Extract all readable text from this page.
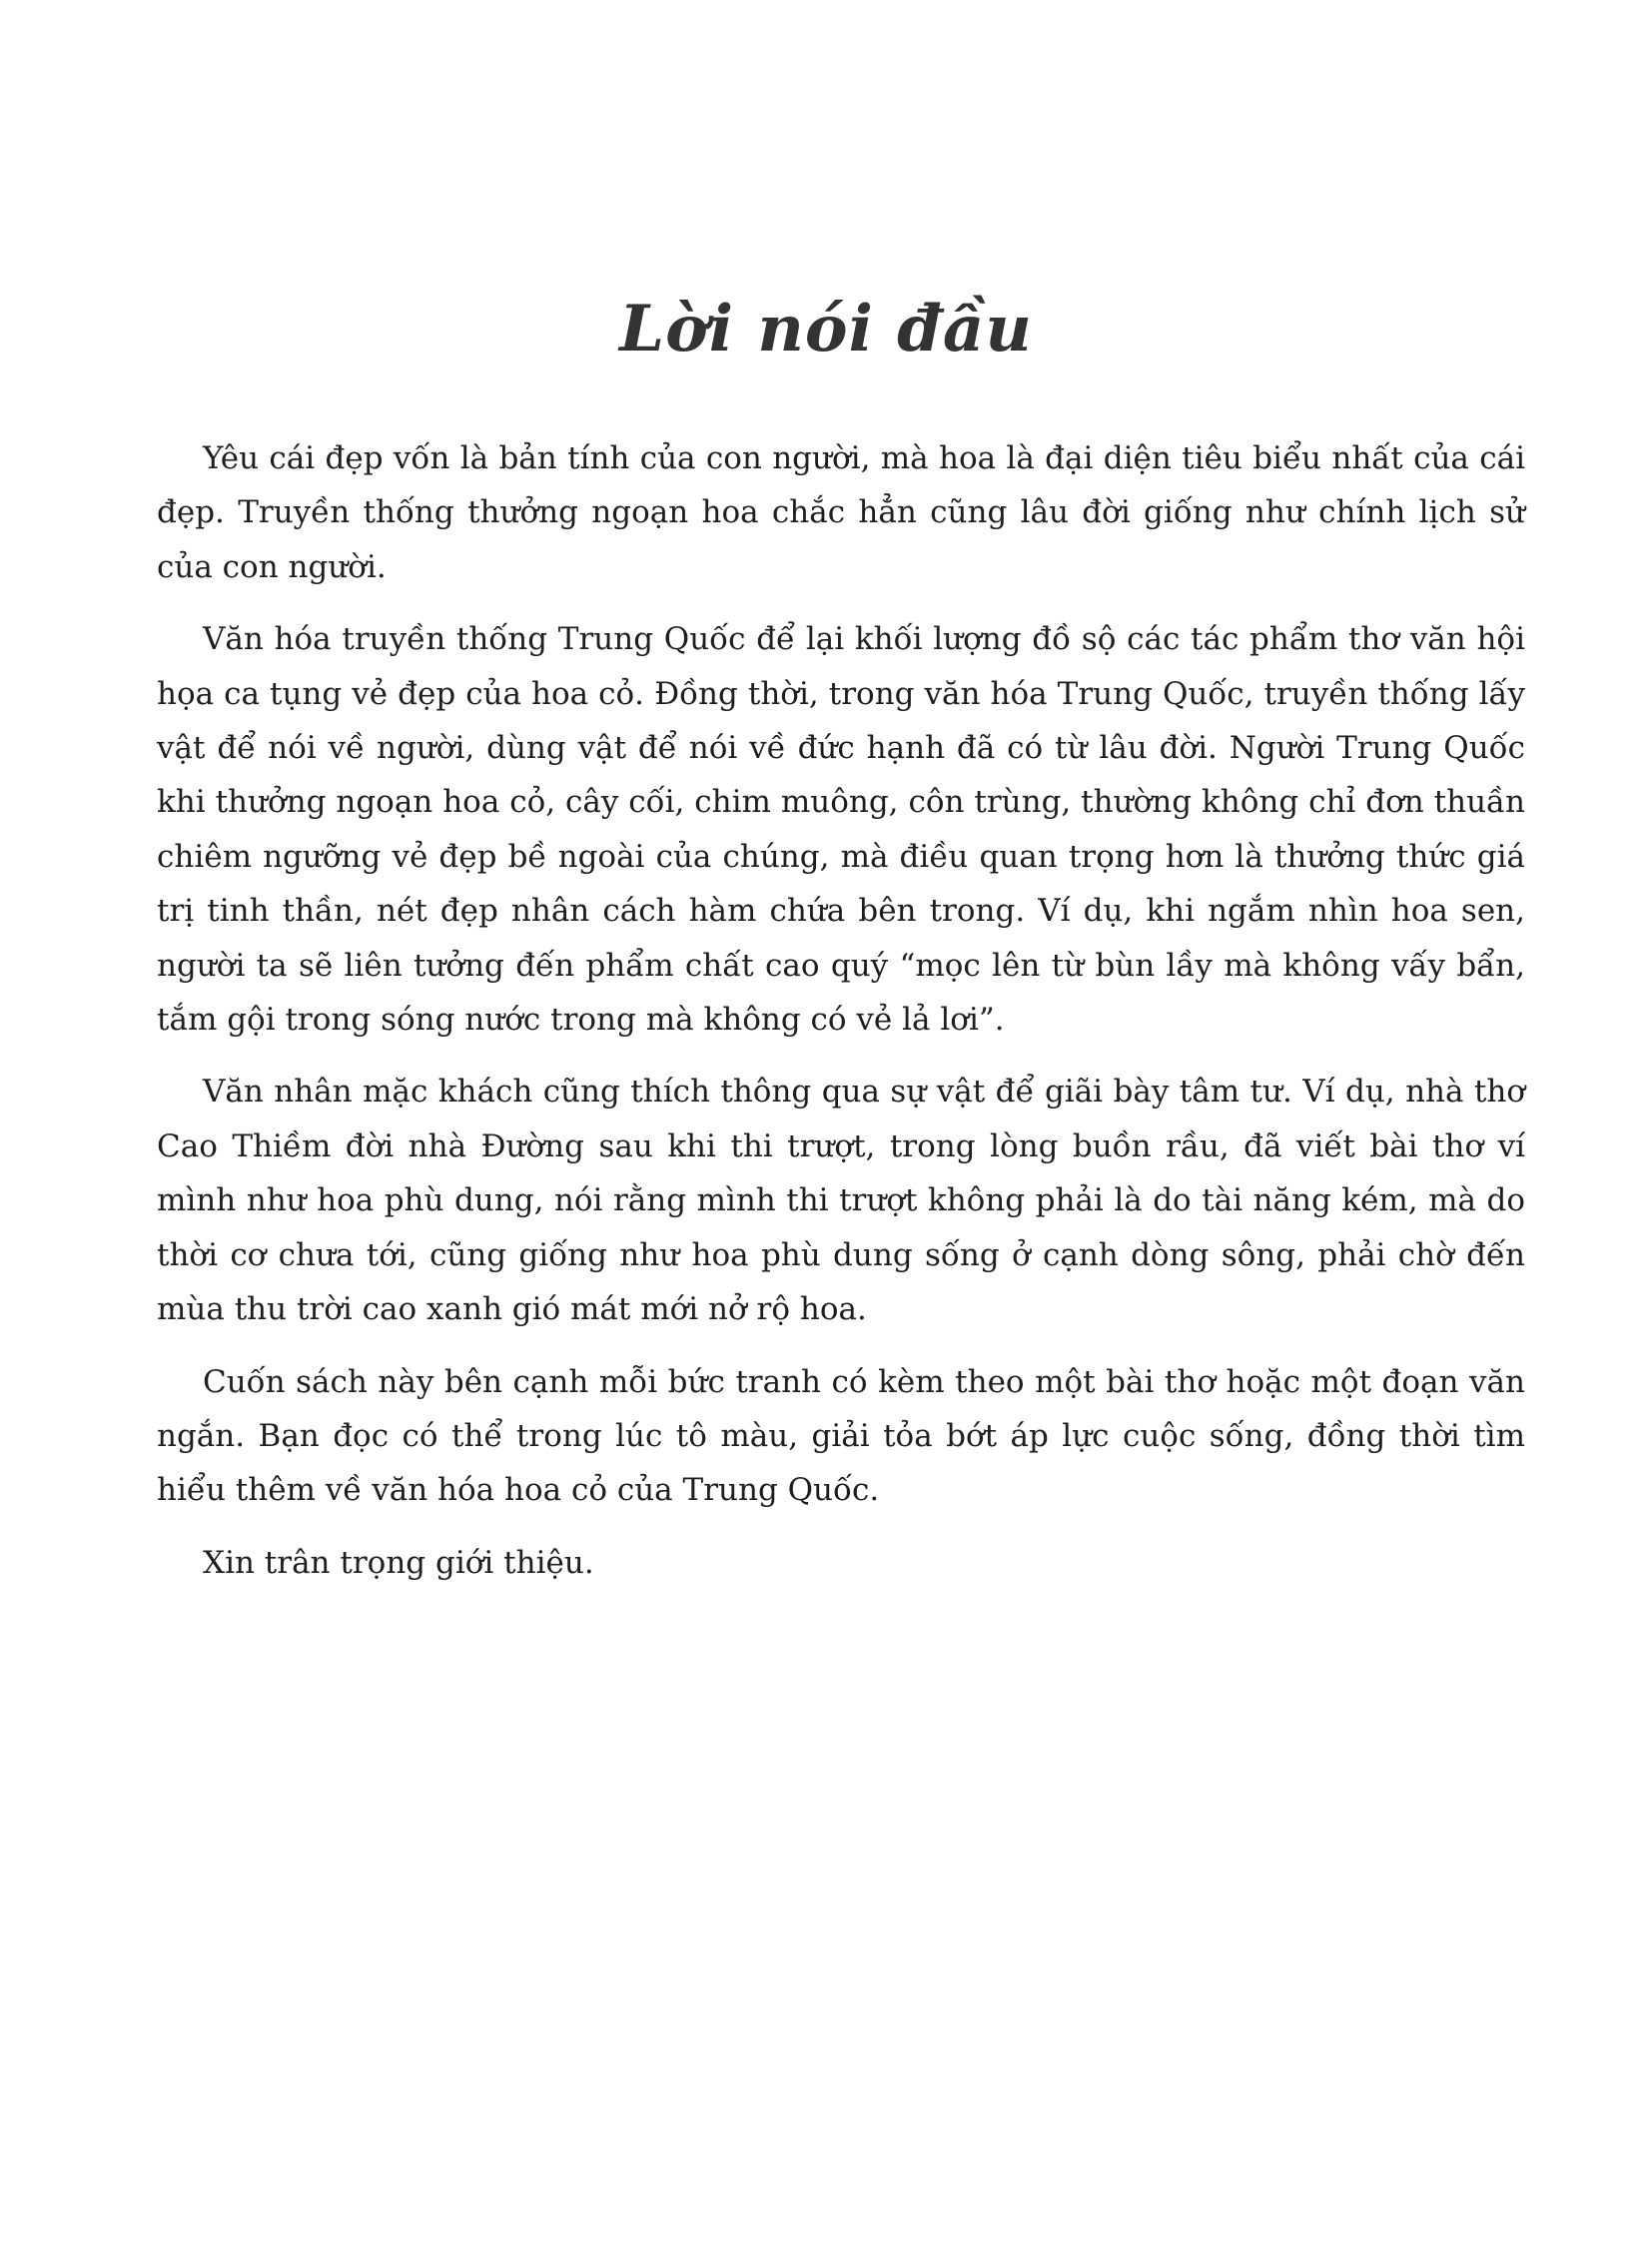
Lời nói đầu

Yêu cái đẹp vốn là bản tính của con người, mà hoa là đại diện tiêu biểu nhất của cái đẹp. Truyền thống thưởng ngoạn hoa chắc hẳn cũng lâu đời giống như chính lịch sử của con người.

Văn hóa truyền thống Trung Quốc để lại khối lượng đồ sộ các tác phẩm thơ văn hội họa ca tụng vẻ đẹp của hoa cỏ. Đồng thời, trong văn hóa Trung Quốc, truyền thống lấy vật để nói về người, dùng vật để nói về đức hạnh đã có từ lâu đời. Người Trung Quốc khi thưởng ngoạn hoa cỏ, cây cối, chim muông, côn trùng, thường không chỉ đơn thuần chiêm ngưỡng vẻ đẹp bề ngoài của chúng, mà điều quan trọng hơn là thưởng thức giá trị tinh thần, nét đẹp nhân cách hàm chứa bên trong. Ví dụ, khi ngắm nhìn hoa sen, người ta sẽ liên tưởng đến phẩm chất cao quý “mọc lên từ bùn lầy mà không vấy bẩn, tắm gội trong sóng nước trong mà không có vẻ lả lơi”.

Văn nhân mặc khách cũng thích thông qua sự vật để giãi bày tâm tư. Ví dụ, nhà thơ Cao Thiềm đời nhà Đường sau khi thi trượt, trong lòng buồn rầu, đã viết bài thơ ví mình như hoa phù dung, nói rằng mình thi trượt không phải là do tài năng kém, mà do thời cơ chưa tới, cũng giống như hoa phù dung sống ở cạnh dòng sông, phải chờ đến mùa thu trời cao xanh gió mát mới nở rộ hoa.

Cuốn sách này bên cạnh mỗi bức tranh có kèm theo một bài thơ hoặc một đoạn văn ngắn. Bạn đọc có thể trong lúc tô màu, giải tỏa bớt áp lực cuộc sống, đồng thời tìm hiểu thêm về văn hóa hoa cỏ của Trung Quốc.

Xin trân trọng giới thiệu.
